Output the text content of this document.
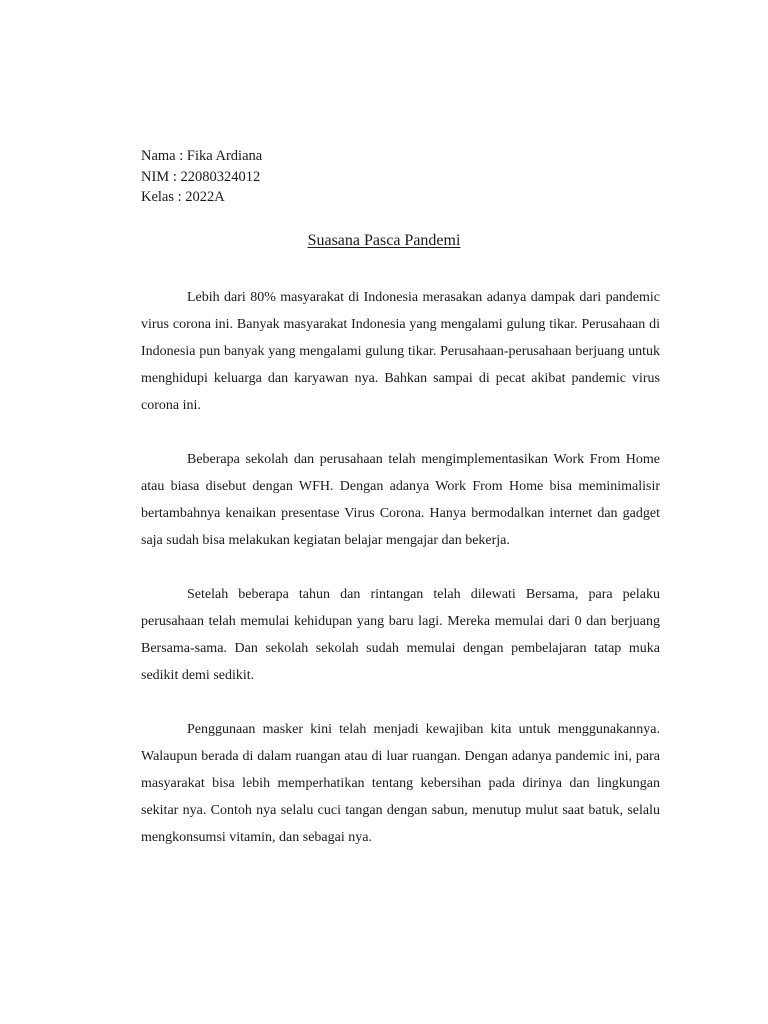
Nama : Fika Ardiana
NIM : 22080324012
Kelas : 2022A
Suasana Pasca Pandemi

Lebih dari 80% masyarakat di Indonesia merasakan adanya dampak dari pandemic virus corona ini. Banyak masyarakat Indonesia yang mengalami gulung tikar. Perusahaan di Indonesia pun banyak yang mengalami gulung tikar. Perusahaan-perusahaan berjuang untuk menghidupi keluarga dan karyawan nya. Bahkan sampai di pecat akibat pandemic virus corona ini.

Beberapa sekolah dan perusahaan telah mengimplementasikan Work From Home atau biasa disebut dengan WFH. Dengan adanya Work From Home bisa meminimalisir bertambahnya kenaikan presentase Virus Corona. Hanya bermodalkan internet dan gadget saja sudah bisa melakukan kegiatan belajar mengajar dan bekerja.

Setelah beberapa tahun dan rintangan telah dilewati Bersama, para pelaku perusahaan telah memulai kehidupan yang baru lagi. Mereka memulai dari 0 dan berjuang Bersama-sama. Dan sekolah sekolah sudah memulai dengan pembelajaran tatap muka sedikit demi sedikit.

Penggunaan masker kini telah menjadi kewajiban kita untuk menggunakannya. Walaupun berada di dalam ruangan atau di luar ruangan. Dengan adanya pandemic ini, para masyarakat bisa lebih memperhatikan tentang kebersihan pada dirinya dan lingkungan sekitar nya. Contoh nya selalu cuci tangan dengan sabun, menutup mulut saat batuk, selalu mengkonsumsi vitamin, dan sebagai nya.
